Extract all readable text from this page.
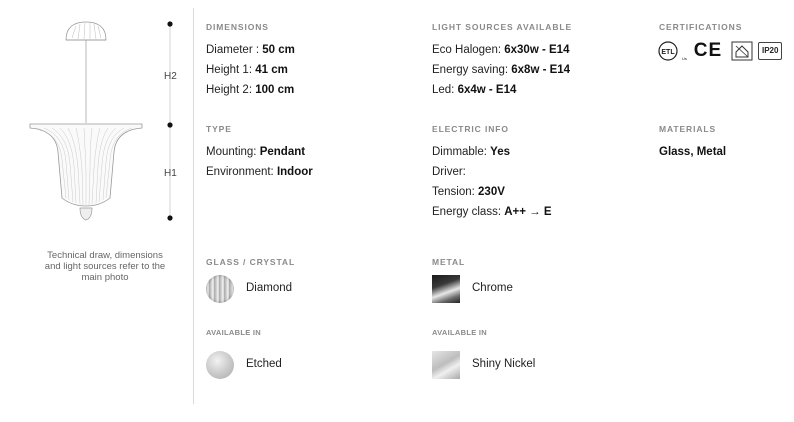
H2
H1
Technical draw, dimensions
and light sources refer to the
main photo
DIMENSIONS
Diameter : 50 cm
Height 1: 41 cm
Height 2: 100 cm
LIGHT SOURCES AVAILABLE
Eco Halogen: 6x30w - E14
Energy saving: 6x8w - E14
Led: 6x4w - E14
CERTIFICATIONS
ETL
Us CE	IP20
TYPE
Mounting: Pendant
Environment: Indoor
ELECTRIC INFO
Dimmable: Yes
Driver:
Tension: 230V
Energy class: A++ → E
MATERIALS
Glass, Metal
GLASS / CRYSTAL
Diamond
AVAILABLE IN
Etched
METAL
Chrome
AVAILABLE IN
Shiny Nickel
